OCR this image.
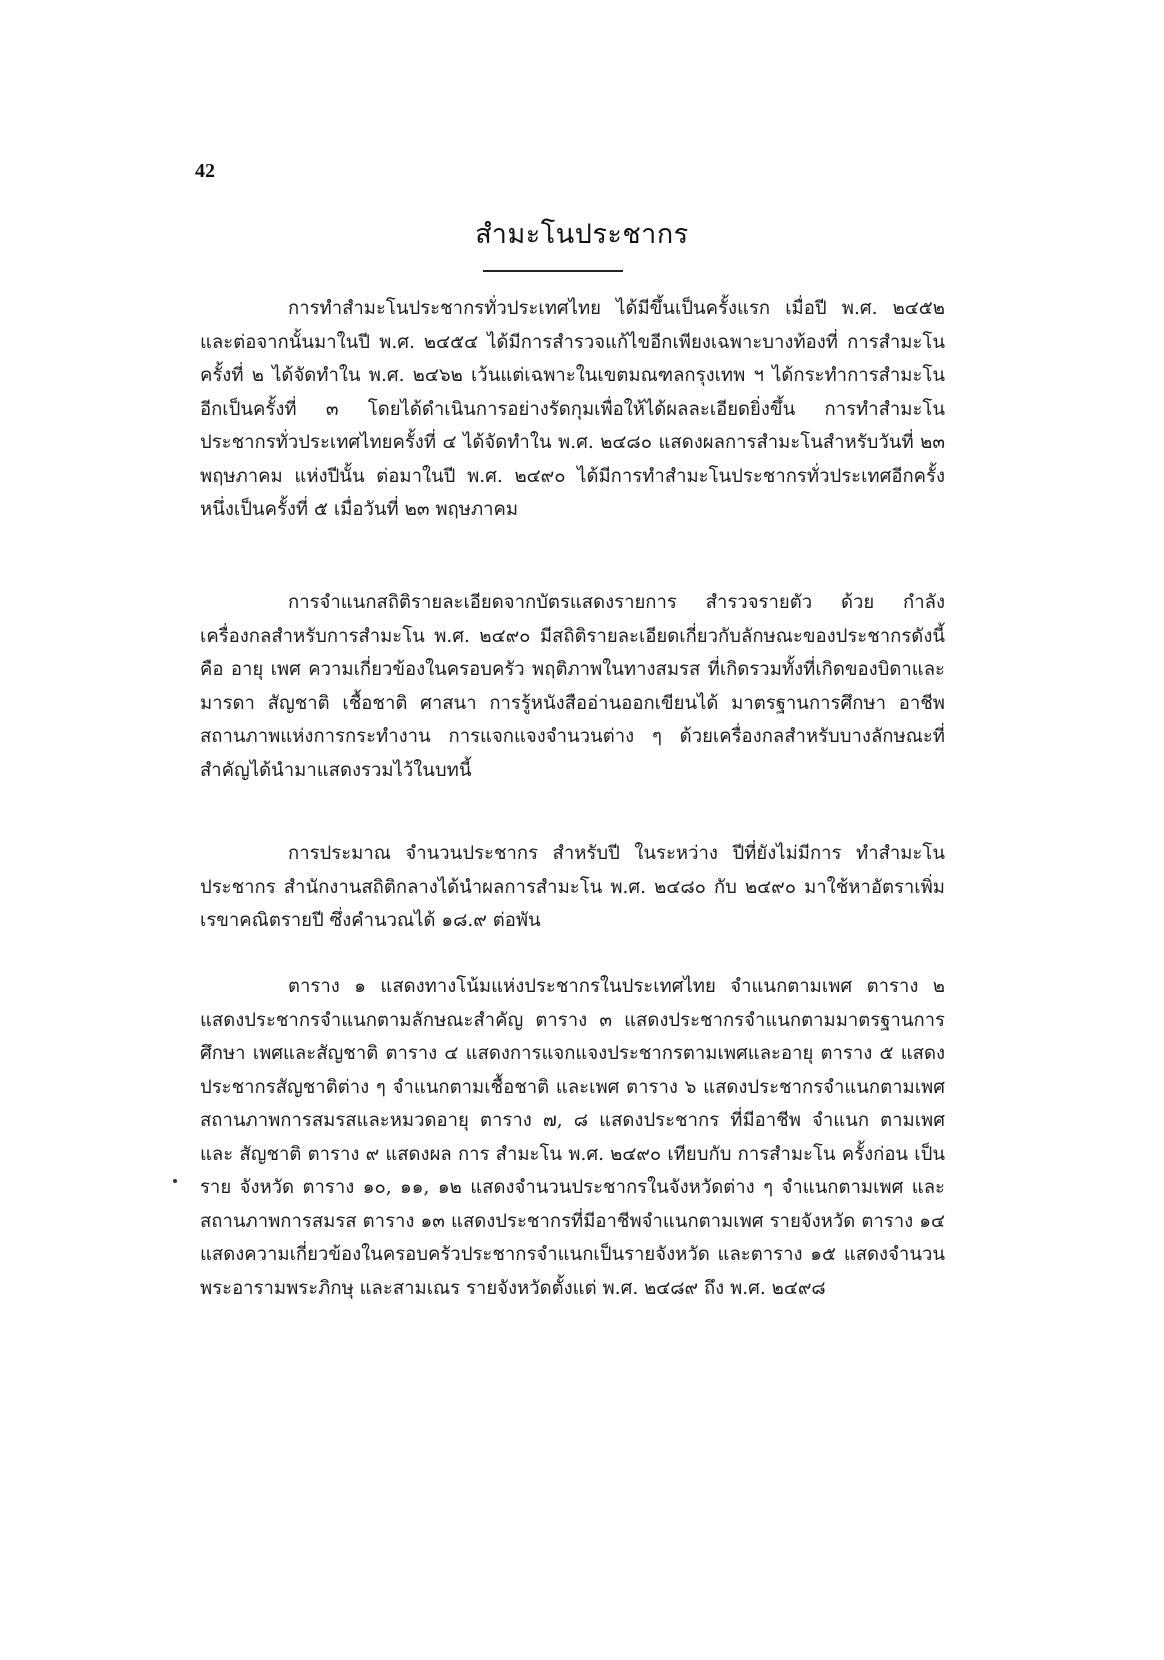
42
สำมะโนประชากร

การทำสำมะโนประชากรทั่วประเทศไทย ได้มีขึ้นเป็นครั้งแรก เมื่อปี พ.ศ. ๒๔๕๒ และต่อจากนั้นมาในปี พ.ศ. ๒๔๕๔ ได้มีการสำรวจแก้ไขอีกเพียงเฉพาะบางท้องที่ การสำมะโนครั้งที่ ๒ ได้จัดทำใน พ.ศ. ๒๔๖๒ เว้นแต่เฉพาะในเขตมณฑลกรุงเทพ ฯ ได้กระทำการสำมะโนอีกเป็นครั้งที่ ๓ โดยได้ดำเนินการอย่างรัดกุมเพื่อให้ได้ผลละเอียดยิ่งขึ้น การทำสำมะโนประชากรทั่วประเทศไทยครั้งที่ ๔ ได้จัดทำใน พ.ศ. ๒๔๘๐ แสดงผลการสำมะโนสำหรับวันที่ ๒๓ พฤษภาคม แห่งปีนั้น ต่อมาในปี พ.ศ. ๒๔๙๐ ได้มีการทำสำมะโนประชากรทั่วประเทศอีกครั้งหนึ่งเป็นครั้งที่ ๕ เมื่อวันที่ ๒๓ พฤษภาคม

การจำแนกสถิติรายละเอียดจากบัตรแสดงรายการ สำรวจรายตัว ด้วย กำลังเครื่องกลสำหรับการสำมะโน พ.ศ. ๒๔๙๐ มีสถิติรายละเอียดเกี่ยวกับลักษณะของประชากรดังนี้ คือ อายุ เพศ ความเกี่ยวข้องในครอบครัว พฤติภาพในทางสมรส ที่เกิดรวมทั้งที่เกิดของบิดาและมารดา สัญชาติ เชื้อชาติ ศาสนา การรู้หนังสืออ่านออกเขียนได้ มาตรฐานการศึกษา อาชีพ สถานภาพแห่งการกระทำงาน การแจกแจงจำนวนต่าง ๆ ด้วยเครื่องกลสำหรับบางลักษณะที่สำคัญได้นำมาแสดงรวมไว้ในบทนี้

การประมาณ จำนวนประชากร สำหรับปี ในระหว่าง ปีที่ยังไม่มีการ ทำสำมะโนประชากร สำนักงานสถิติกลางได้นำผลการสำมะโน พ.ศ. ๒๔๘๐ กับ ๒๔๙๐ มาใช้หาอัตราเพิ่มเรขาคณิตรายปี ซึ่งคำนวณได้ ๑๘.๙ ต่อพัน

ตาราง ๑ แสดงทางโน้มแห่งประชากรในประเทศไทย จำแนกตามเพศ ตาราง ๒ แสดงประชากรจำแนกตามลักษณะสำคัญ ตาราง ๓ แสดงประชากรจำแนกตามมาตรฐานการศึกษา เพศและสัญชาติ ตาราง ๔ แสดงการแจกแจงประชากรตามเพศและอายุ ตาราง ๕ แสดงประชากรสัญชาติต่าง ๆ จำแนกตามเชื้อชาติ และเพศ ตาราง ๖ แสดงประชากรจำแนกตามเพศ สถานภาพการสมรสและหมวดอายุ ตาราง ๗, ๘ แสดงประชากร ที่มีอาชีพ จำแนก ตามเพศ และ สัญชาติ ตาราง ๙ แสดงผล การ สำมะโน พ.ศ. ๒๔๙๐ เทียบกับ การสำมะโน ครั้งก่อน เป็นราย จังหวัด ตาราง ๑๐, ๑๑, ๑๒ แสดงจำนวนประชากรในจังหวัดต่าง ๆ จำแนกตามเพศ และสถานภาพการสมรส ตาราง ๑๓ แสดงประชากรที่มีอาชีพจำแนกตามเพศ รายจังหวัด ตาราง ๑๔ แสดงความเกี่ยวข้องในครอบครัวประชากรจำแนกเป็นรายจังหวัด และตาราง ๑๕ แสดงจำนวนพระอารามพระภิกษุ และสามเณร รายจังหวัดตั้งแต่ พ.ศ. ๒๔๘๙ ถึง พ.ศ. ๒๔๙๘
